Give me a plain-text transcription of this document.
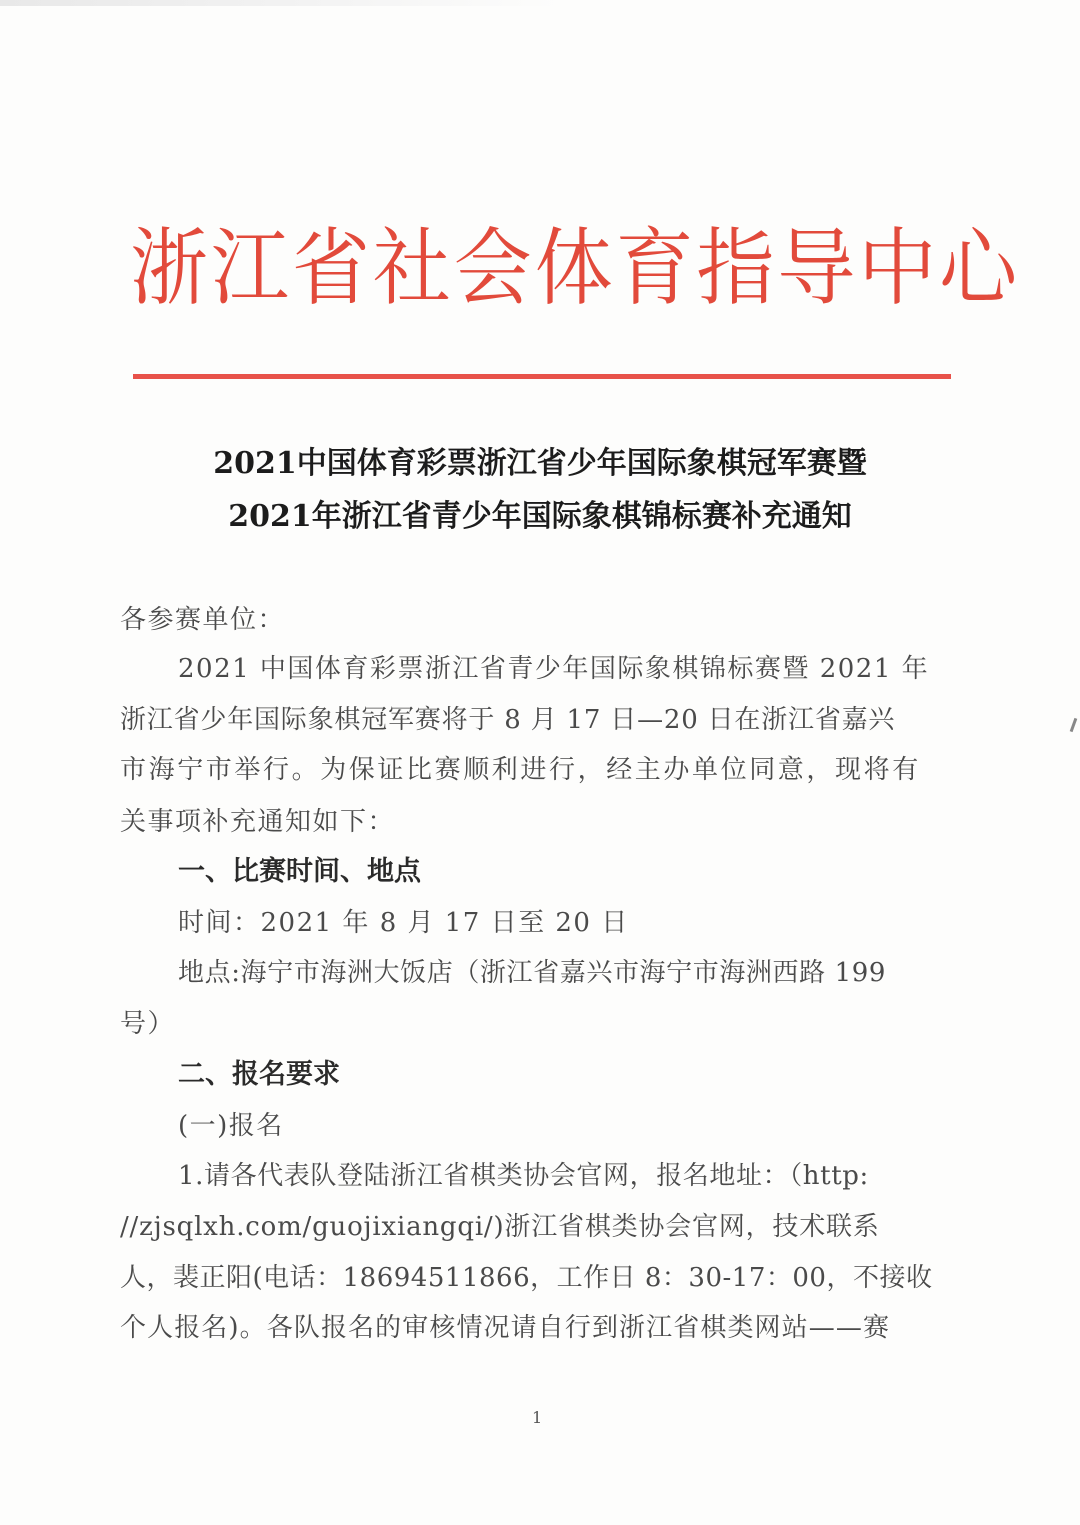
浙江省社会体育指导中心
2021中国体育彩票浙江省少年国际象棋冠军赛暨
2021年浙江省青少年国际象棋锦标赛补充通知
各参赛单位：
2021 中国体育彩票浙江省青少年国际象棋锦标赛暨 2021 年
浙江省少年国际象棋冠军赛将于 8 月 17 日—20 日在浙江省嘉兴
市海宁市举行。为保证比赛顺利进行，经主办单位同意，现将有
关事项补充通知如下：
一、比赛时间、地点
时间：2021 年 8 月 17 日至 20 日
地点:海宁市海洲大饭店（浙江省嘉兴市海宁市海洲西路 199
号）
二、报名要求
(一)报名
1.请各代表队登陆浙江省棋类协会官网，报名地址：（http:
//zjsqlxh.com/guojixiangqi/)浙江省棋类协会官网，技术联系
人，裴正阳(电话：18694511866，工作日 8：30-17：00，不接收
个人报名)。各队报名的审核情况请自行到浙江省棋类网站——赛
1
